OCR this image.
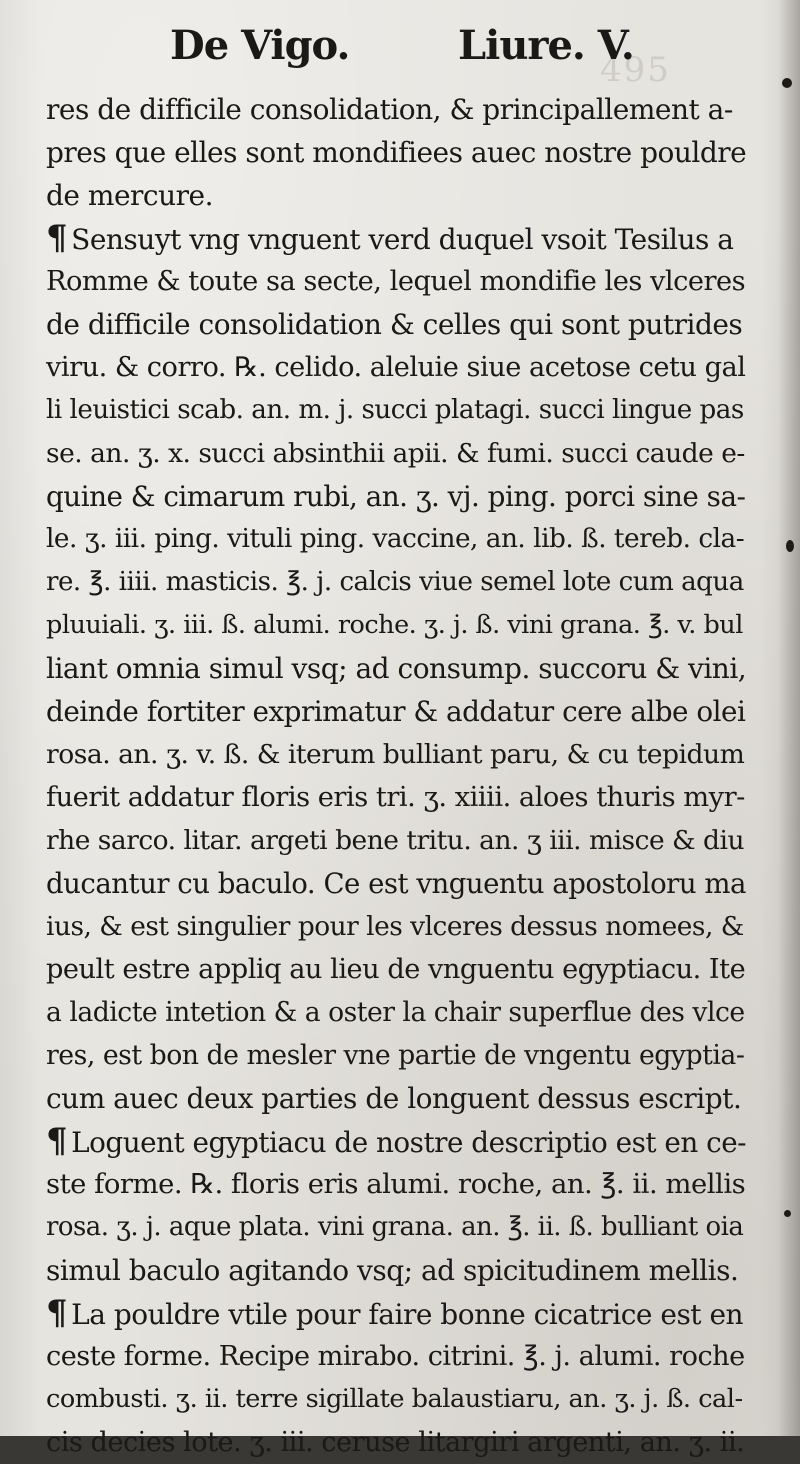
De Vigo.	Liure. V.
495
res de difficile consolidation, & principallement a-
pres que elles sont mondifiees auec nostre pouldre
de mercure.
¶ Sensuyt vng vnguent verd duquel vsoit Tesilus a
Romme & toute sa secte, lequel mondifie les vlceres
de difficile consolidation & celles qui sont putrides
viru. & corro. ℞. celido. aleluie siue acetose cetu gal
li leuistici scab. an. m. j. succi platagi. succi lingue pas
se. an. ʒ. x. succi absinthii apii. & fumi. succi caude e-
quine & cimarum rubi, an. ʒ. vj. ping. porci sine sa-
le. ʒ. iii. ping. vituli ping. vaccine, an. lib. ß. tereb. cla-
re. ℥. iiii. masticis. ℥. j. calcis viue semel lote cum aqua
pluuiali. ʒ. iii. ß. alumi. roche. ʒ. j. ß. vini grana. ℥. v. bul
liant omnia simul vsq; ad consump. succoru & vini,
deinde fortiter exprimatur & addatur cere albe olei
rosa. an. ʒ. v. ß. & iterum bulliant paru, & cu tepidum
fuerit addatur floris eris tri. ʒ. xiiii. aloes thuris myr-
rhe sarco. litar. argeti bene tritu. an. ʒ iii. misce & diu
ducantur cu baculo. Ce est vnguentu apostoloru ma
ius, & est singulier pour les vlceres dessus nomees, &
peult estre appliq au lieu de vnguentu egyptiacu. Ite
a ladicte intetion & a oster la chair superflue des vlce
res, est bon de mesler vne partie de vngentu egyptia-
cum auec deux parties de longuent dessus escript.
¶ Loguent egyptiacu de nostre descriptio est en ce-
ste forme. ℞. floris eris alumi. roche, an. ℥. ii. mellis
rosa. ʒ. j. aque plata. vini grana. an. ℥. ii. ß. bulliant oia
simul baculo agitando vsq; ad spicitudinem mellis.
¶ La pouldre vtile pour faire bonne cicatrice est en
ceste forme. Recipe mirabo. citrini. ℥. j. alumi. roche
combusti. ʒ. ii. terre sigillate balaustiaru, an. ʒ. j. ß. cal-
cis decies lote. ʒ. iii. ceruse litargiri argenti, an. ʒ. ii.
